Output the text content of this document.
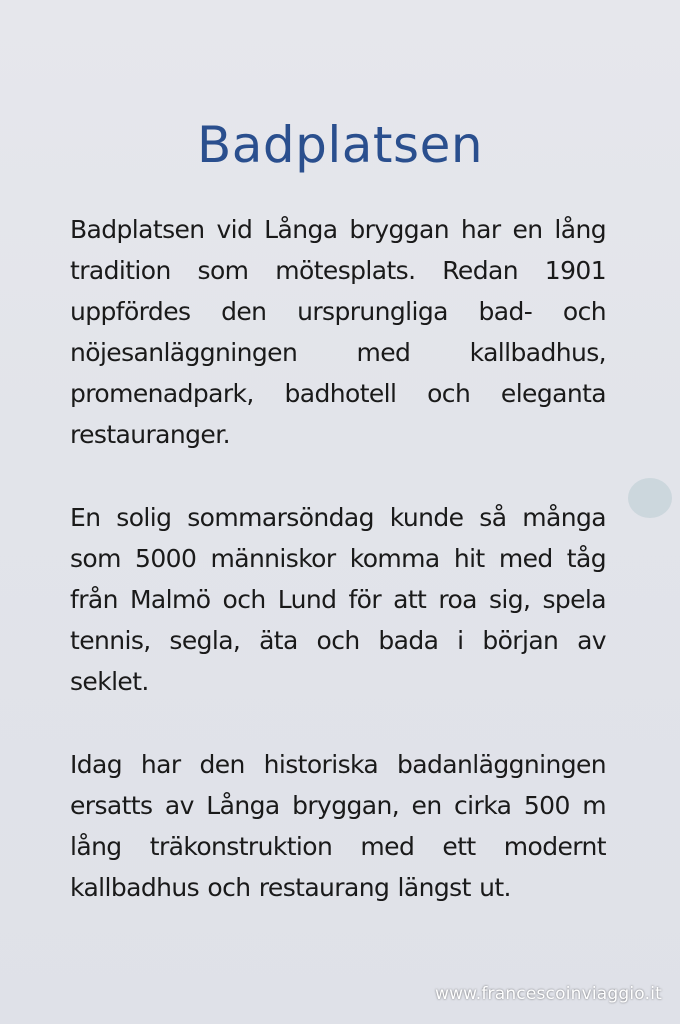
Badplatsen

Badplatsen vid Långa bryggan har en lång tradition som mötesplats. Redan 1901 uppfördes den ursprungliga bad- och nöjesanläggningen med kallbadhus, promenadpark, badhotell och eleganta restauranger.

En solig sommarsöndag kunde så många som 5000 människor komma hit med tåg från Malmö och Lund för att roa sig, spela tennis, segla, äta och bada i början av seklet.

Idag har den historiska badanläggningen ersatts av Långa bryggan, en cirka 500 m lång träkonstruktion med ett modernt kallbadhus och restaurang längst ut.

www.francescoinviaggio.it
